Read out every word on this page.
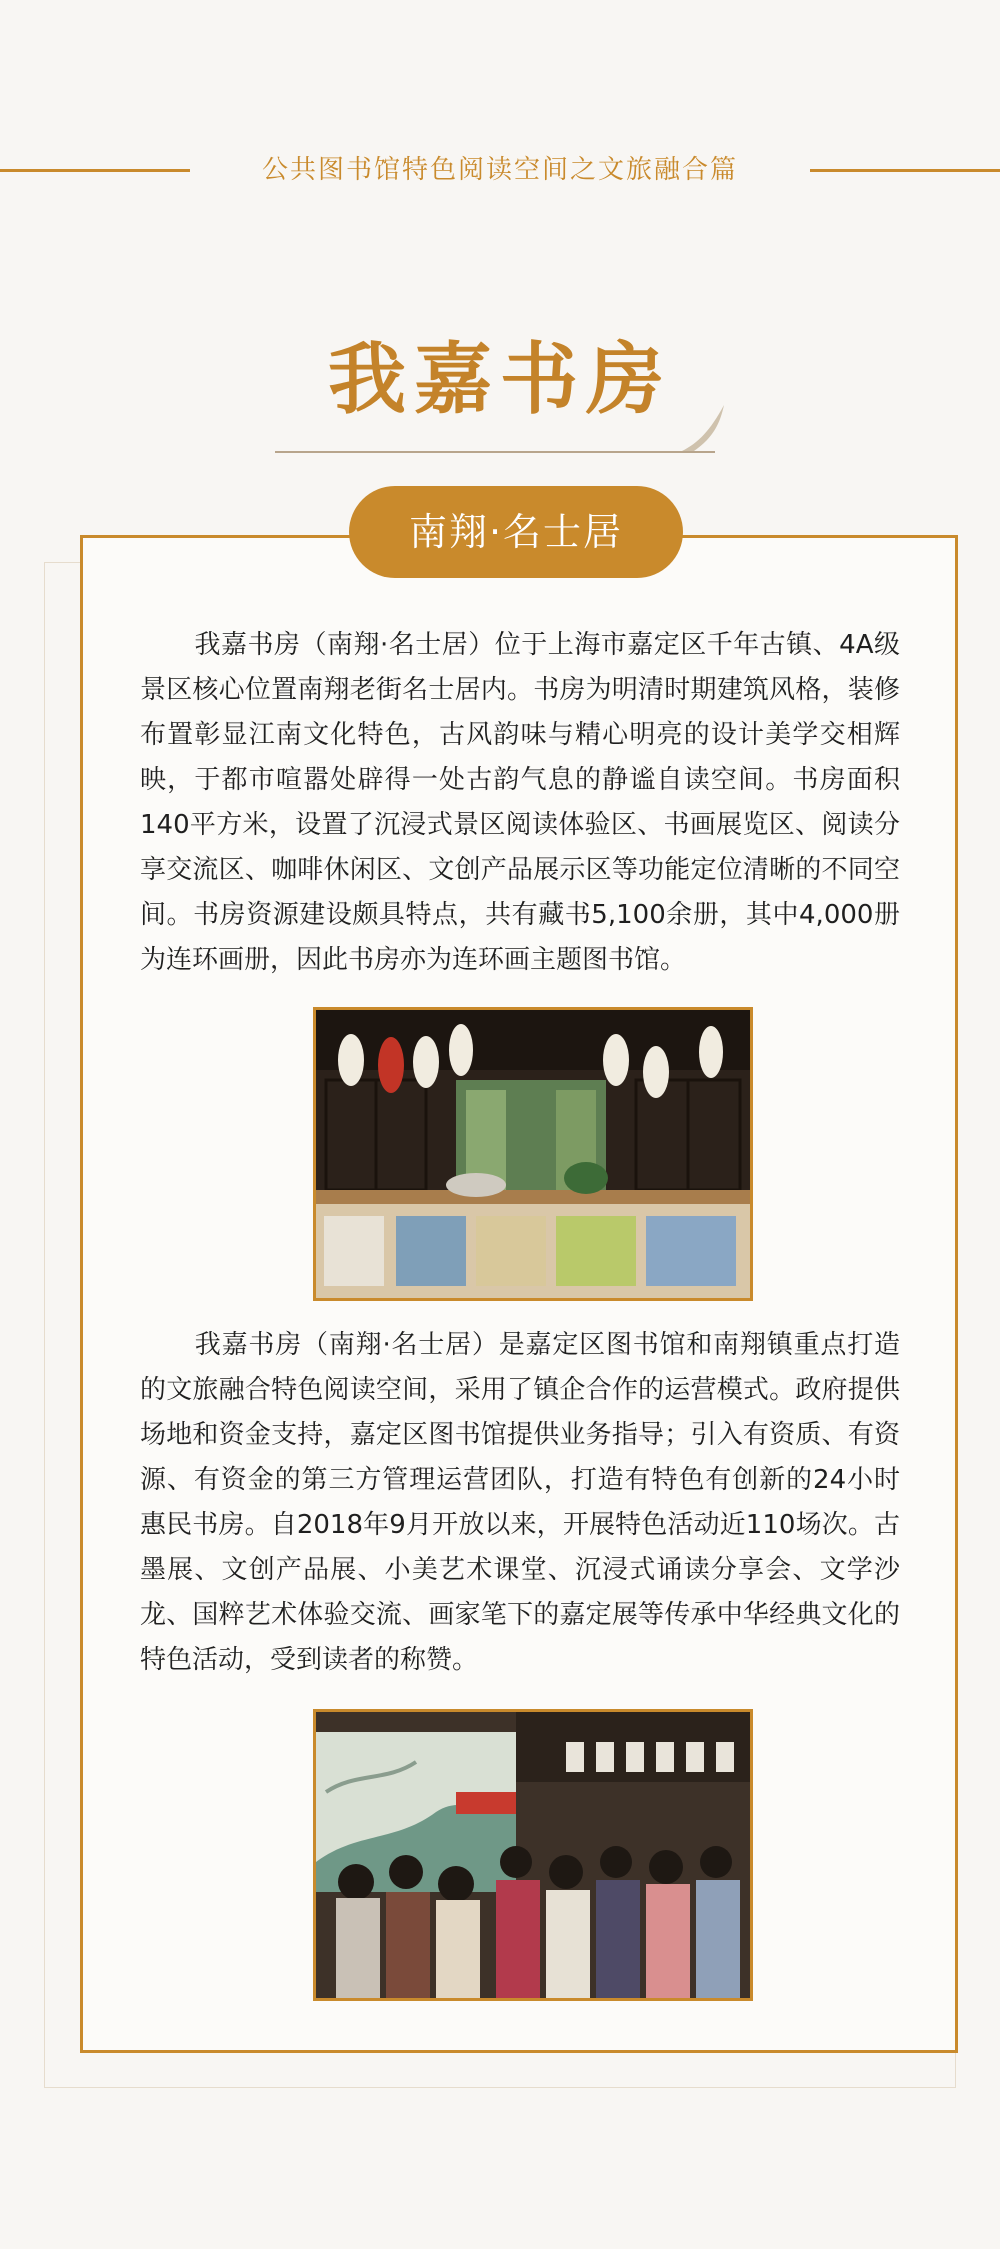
公共图书馆特色阅读空间之文旅融合篇
我嘉书房
南翔·名士居

我嘉书房（南翔·名士居）位于上海市嘉定区千年古镇、4A级景区核心位置南翔老街名士居内。书房为明清时期建筑风格，装修布置彰显江南文化特色，古风韵味与精心明亮的设计美学交相辉映，于都市喧嚣处辟得一处古韵气息的静谧自读空间。书房面积140平方米，设置了沉浸式景区阅读体验区、书画展览区、阅读分享交流区、咖啡休闲区、文创产品展示区等功能定位清晰的不同空间。书房资源建设颇具特点，共有藏书5,100余册，其中4,000册为连环画册，因此书房亦为连环画主题图书馆。

我嘉书房（南翔·名士居）是嘉定区图书馆和南翔镇重点打造的文旅融合特色阅读空间，采用了镇企合作的运营模式。政府提供场地和资金支持，嘉定区图书馆提供业务指导；引入有资质、有资源、有资金的第三方管理运营团队，打造有特色有创新的24小时惠民书房。自2018年9月开放以来，开展特色活动近110场次。古墨展、文创产品展、小美艺术课堂、沉浸式诵读分享会、文学沙龙、国粹艺术体验交流、画家笔下的嘉定展等传承中华经典文化的特色活动，受到读者的称赞。
